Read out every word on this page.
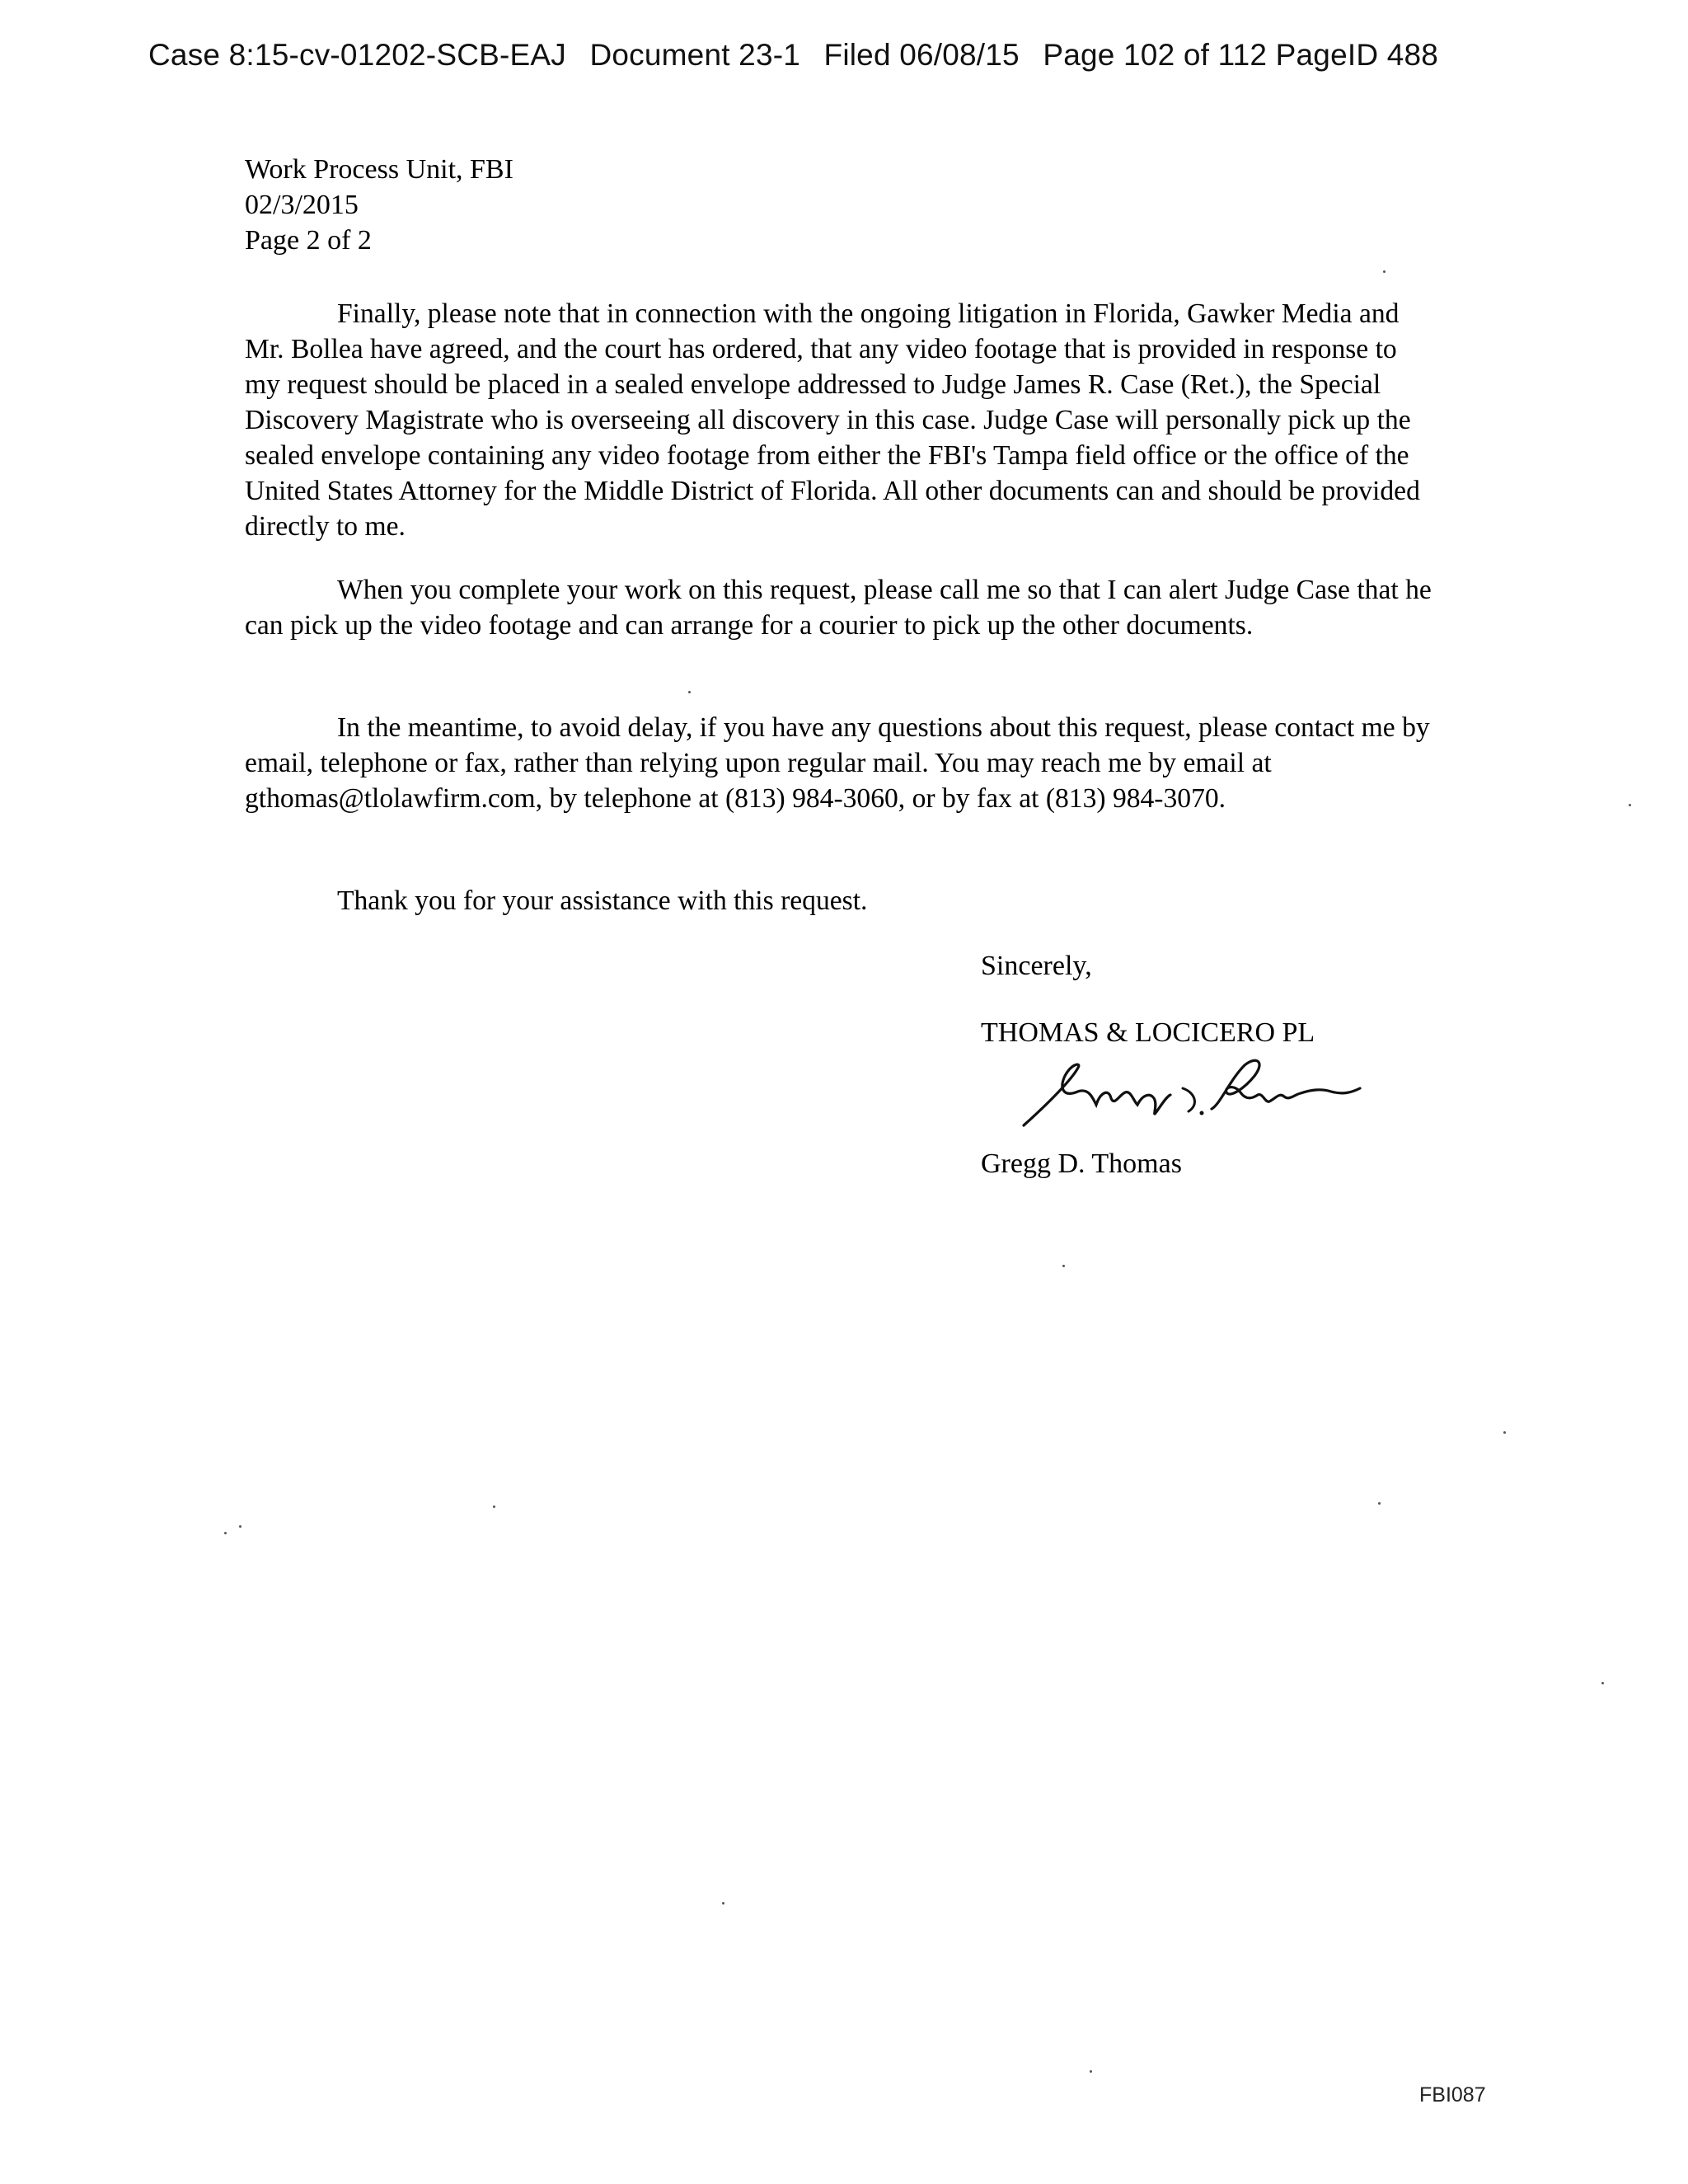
Case 8:15-cv-01202-SCB-EAJ Document 23-1 Filed 06/08/15 Page 102 of 112 PageID 488
Work Process Unit, FBI
02/3/2015
Page 2 of 2

Finally, please note that in connection with the ongoing litigation in Florida, Gawker Media and Mr. Bollea have agreed, and the court has ordered, that any video footage that is provided in response to my request should be placed in a sealed envelope addressed to Judge James R. Case (Ret.), the Special Discovery Magistrate who is overseeing all discovery in this case. Judge Case will personally pick up the sealed envelope containing any video footage from either the FBI's Tampa field office or the office of the United States Attorney for the Middle District of Florida. All other documents can and should be provided directly to me.

When you complete your work on this request, please call me so that I can alert Judge Case that he can pick up the video footage and can arrange for a courier to pick up the other documents.

In the meantime, to avoid delay, if you have any questions about this request, please contact me by email, telephone or fax, rather than relying upon regular mail. You may reach me by email at gthomas@tlolawfirm.com, by telephone at (813) 984-3060, or by fax at (813) 984-3070.

Thank you for your assistance with this request.

Sincerely,
THOMAS & LOCICERO PL
Gregg D. Thomas
FBI087
